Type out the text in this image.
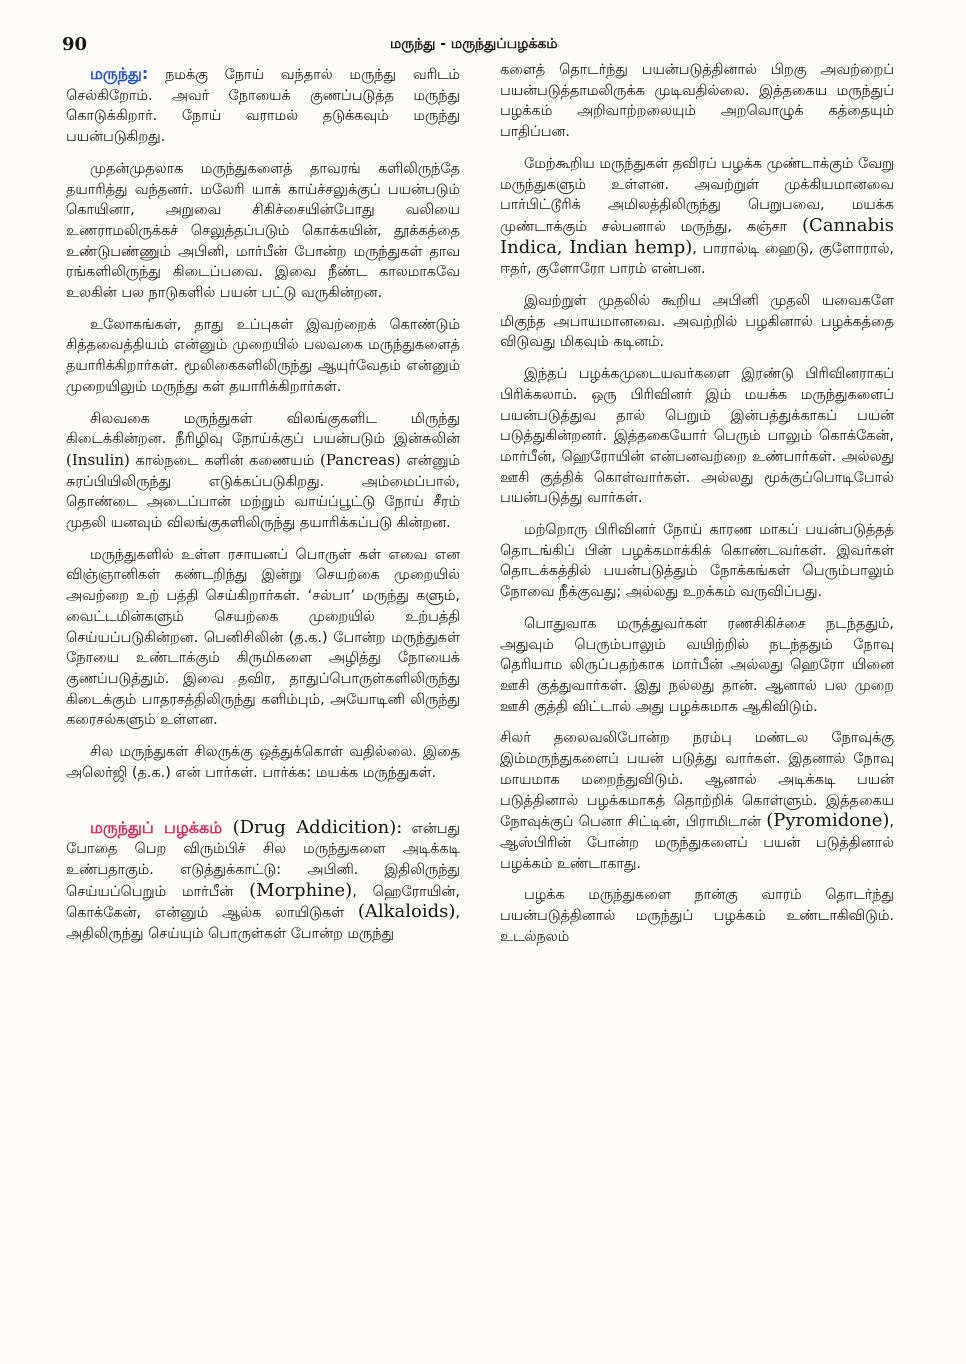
90	மருந்து - மருந்துப்பழக்கம்

மருந்து: நமக்கு நோய் வந்தால் மருந்து வரிடம் செல்கிறோம். அவர் நோயைக் குணப்படுத்த மருந்து கொடுக்கிறார். நோய் வராமல் தடுக்கவும் மருந்து பயன்படுகிறது.

முதன்முதலாக மருந்துகளைத் தாவரங் களிலிருந்தே தயாரித்து வந்தனர். மலேரி யாக் காய்ச்சலுக்குப் பயன்படும் கொயினா, அறுவை சிகிச்சையின்போது வலியை உணராமலிருக்கச் செலுத்தப்படும் கொக்கயின், தூக்கத்தை உண்டுபண்ணும் அபினி, மார்பீன் போன்ற மருந்துகள் தாவ ரங்களிலிருந்து கிடைப்பவை. இவை நீண்ட காலமாகவே உலகின் பல நாடுகளில் பயன் பட்டு வருகின்றன.

உலோகங்கள், தாது உப்புகள் இவற்றைக் கொண்டும் சித்தவைத்தியம் என்னும் முறையில் பலவகை மருந்துகளைத் தயாரிக்கிறார்கள். மூலிகைகளிலிருந்து ஆயுர்வேதம் என்னும் முறையிலும் மருந்து கள் தயாரிக்கிறார்கள்.

சிலவகை மருந்துகள் விலங்குகளிட மிருந்து கிடைக்கின்றன. நீரிழிவு நோய்க்குப் பயன்படும் இன்சுலின் (Insulin) கால்நடை களின் கணையம் (Pancreas) என்னும் சுரப்பியிலிருந்து எடுக்கப்படுகிறது. அம்மைப்பால், தொண்டை அடைப்பான் மற்றும் வாய்ப்பூட்டு நோய் சீரம் முதலி யனவும் விலங்குகளிலிருந்து தயாரிக்கப்படு கின்றன.

மருந்துகளில் உள்ள ரசாயனப் பொருள் கள் எவை என விஞ்ஞானிகள் கண்டறிந்து இன்று செயற்கை முறையில் அவற்றை உற் பத்தி செய்கிறார்கள். ‘சல்பா’ மருந்து களும், வைட்டமின்களும் செயற்கை முறையில் உற்பத்தி செய்யப்படுகின்றன. பெனிசிலின் (த.க.) போன்ற மருந்துகள் நோயை உண்டாக்கும் கிருமிகளை அழித்து நோயைக் குணப்படுத்தும். இவை தவிர, தாதுப்பொருள்களிலிருந்து கிடைக்கும் பாதரசத்திலிருந்து களிம்பும், அயோடினி லிருந்து கரைசல்களும் உள்ளன.

சில மருந்துகள் சிலருக்கு ஒத்துக்கொள் வதில்லை. இதை அலெர்ஜி (த.க.) என் பார்கள். பார்க்க: மயக்க மருந்துகள்.

மருந்துப் பழக்கம் (Drug Addicition): என்பது போதை பெற விரும்பிச் சில மருந்துகளை அடிக்கடி உண்பதாகும். எடுத்துக்காட்டு: அபினி. இதிலிருந்து செய்யப்பெறும் மார்பீன் (Morphine), ஹெரோயின், கொக்கேன், என்னும் ஆல்க லாயிடுகள் (Alkaloids), அதிலிருந்து செய்யும் பொருள்கள் போன்ற மருந்து

களைத் தொடர்ந்து பயன்படுத்தினால் பிறகு அவற்றைப் பயன்படுத்தாமலிருக்க முடிவதில்லை. இத்தகைய மருந்துப் பழக்கம் அறிவாற்றலையும் அறவொழுக் கத்தையும் பாதிப்பன.

மேற்கூறிய மருந்துகள் தவிரப் பழக்க முண்டாக்கும் வேறு மருந்துகளும் உள்ளன. அவற்றுள் முக்கியமானவை பார்பிட்டூரிக் அமிலத்திலிருந்து பெறுபவை, மயக்க முண்டாக்கும் சல்பனால் மருந்து, கஞ்சா (Cannabis Indica, Indian hemp), பாரால்டி ஹைடு, குளோரால், ஈதர், குளோரோ பாரம் என்பன.

இவற்றுள் முதலில் கூறிய அபினி முதலி யவைகளே மிகுந்த அபாயமானவை. அவற்றில் பழகினால் பழக்கத்தை விடுவது மிகவும் கடினம்.

இந்தப் பழக்கமுடையவர்களை இரண்டு பிரிவினராகப் பிரிக்கலாம். ஒரு பிரிவினர் இம் மயக்க மருந்துகளைப் பயன்படுத்துவ தால் பெறும் இன்பத்துக்காகப் பயன் படுத்துகின்றனர். இத்தகையோர் பெரும் பாலும் கொக்கேன், மார்பீன், ஹெரோயின் என்பனவற்றை உண்பார்கள். அல்லது ஊசி குத்திக் கொள்வார்கள். அல்லது மூக்குப்பொடிபோல் பயன்படுத்து வார்கள்.

மற்றொரு பிரிவினர் நோய் காரண மாகப் பயன்படுத்தத் தொடங்கிப் பின் பழக்கமாக்கிக் கொண்டவர்கள். இவர்கள் தொடக்கத்தில் பயன்படுத்தும் நோக்கங்கள் பெரும்பாலும் நோவை நீக்குவது; அல்லது உறக்கம் வருவிப்பது.

பொதுவாக மருத்துவர்கள் ரணசிகிச்சை நடந்ததும், அதுவும் பெரும்பாலும் வயிற்றில் நடந்ததும் நோவு தெரியாம லிருப்பதற்காக மார்பீன் அல்லது ஹெரோ யினை ஊசி குத்துவார்கள். இது நல்லது தான். ஆனால் பல முறை ஊசி குத்தி விட்டால் அது பழக்கமாக ஆகிவிடும்.

சிலர் தலைவலிபோன்ற நரம்பு மண்டல நோவுக்கு இம்மருந்துகளைப் பயன் படுத்து வார்கள். இதனால் நோவு மாயமாக மறைந்துவிடும். ஆனால் அடிக்கடி பயன் படுத்தினால் பழக்கமாகத் தொற்றிக் கொள்ளும். இத்தகைய நோவுக்குப் பெனா சிட்டின், பிராமிடான் (Pyromidone), ஆஸ்பிரின் போன்ற மருந்துகளைப் பயன் படுத்தினால் பழக்கம் உண்டாகாது.

பழக்க மருந்துகளை நான்கு வாரம் தொடர்ந்து பயன்படுத்தினால் மருந்துப் பழக்கம் உண்டாகிவிடும். உடல்நலம்
